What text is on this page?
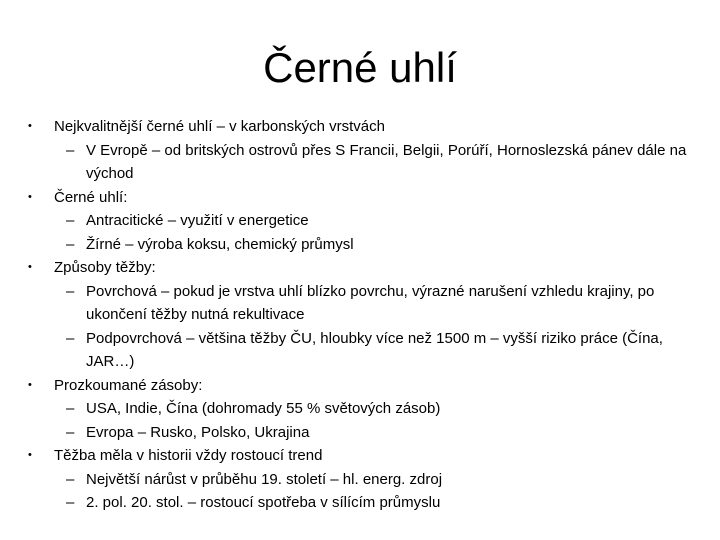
Černé uhlí
• Nejkvalitnější černé uhlí – v karbonských vrstvách
– V Evropě – od britských ostrovů přes S Francii, Belgii, Porúří, Hornoslezská pánev dále na východ
• Černé uhlí:
– Antracitické – využití v energetice
– Žírné – výroba koksu, chemický průmysl
• Způsoby těžby:
– Povrchová – pokud je vrstva uhlí blízko povrchu, výrazné narušení vzhledu krajiny, po ukončení těžby nutná rekultivace
– Podpovrchová – většina těžby ČU, hloubky více než 1500 m – vyšší riziko práce (Čína, JAR…)
• Prozkoumané zásoby:
– USA, Indie, Čína (dohromady 55 % světových zásob)
– Evropa – Rusko, Polsko, Ukrajina
• Těžba měla v historii vždy rostoucí trend
– Největší nárůst v průběhu 19. století – hl. energ. zdroj
– 2. pol. 20. stol. – rostoucí spotřeba v sílícím průmyslu
